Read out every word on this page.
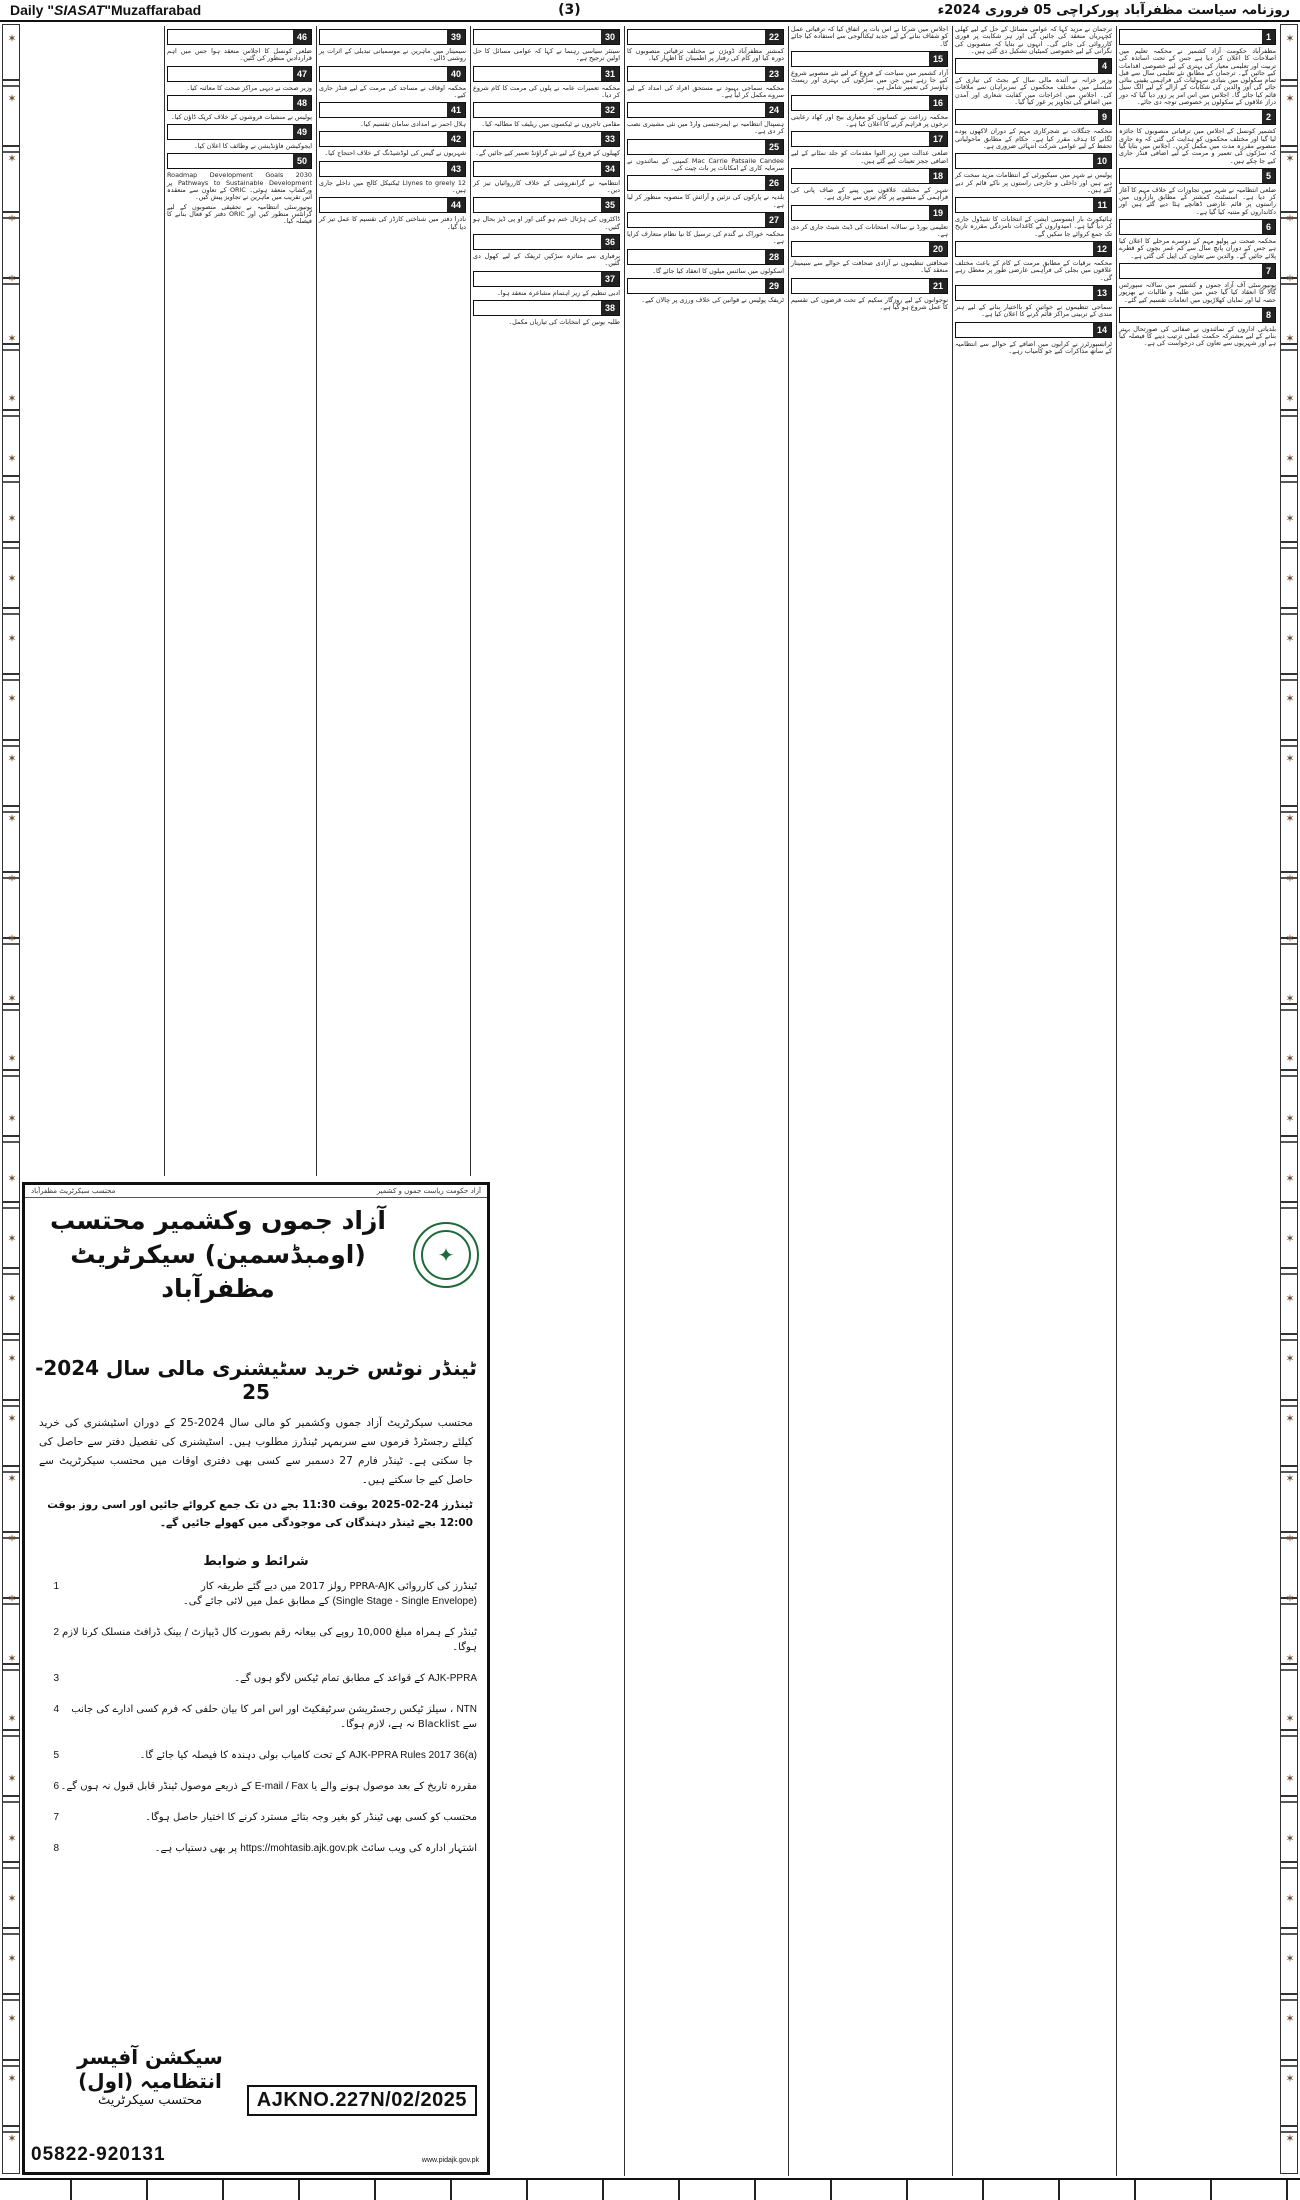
Daily "SIASAT"Muzaffarabad	(3)	روزنامہ سیاست مظفرآباد پورکراچی 05 فروری 2024ء
✶
✶
✶
✶
✶
✶
✶
✶
✶
✶
✶
✶
✶
✶
✶
✶
✶
✶
✶
✶
✶
✶
✶
✶
✶
✶
✶
✶
✶
✶
✶
✶
✶
✶
✶
✶
✶
✶
✶
✶
✶
✶
✶
✶
✶
✶
✶
✶
✶
✶
✶
✶
✶
✶
✶
✶
✶
✶
✶
✶
✶
✶
✶
✶
✶
✶
✶
✶
✶
✶
✶
✶
1

مظفرآباد حکومت آزاد کشمیر نے محکمہ تعلیم میں اصلاحات کا اعلان کر دیا ہے جس کے تحت اساتذہ کی تربیت اور تعلیمی معیار کی بہتری کے لیے خصوصی اقدامات کیے جائیں گے۔ ترجمان کے مطابق نئے تعلیمی سال سے قبل تمام سکولوں میں بنیادی سہولیات کی فراہمی یقینی بنائی جائے گی اور والدین کی شکایات کے ازالے کے لیے الگ سیل قائم کیا جائے گا۔ اجلاس میں اس امر پر زور دیا گیا کہ دور دراز علاقوں کے سکولوں پر خصوصی توجہ دی جائے۔

2

کشمیر کونسل کے اجلاس میں ترقیاتی منصوبوں کا جائزہ لیا گیا اور مختلف محکموں کو ہدایت کی گئی کہ وہ جاری منصوبے مقررہ مدت میں مکمل کریں۔ اجلاس میں بتایا گیا کہ سڑکوں کی تعمیر و مرمت کے لیے اضافی فنڈز جاری کیے جا چکے ہیں۔

5

ضلعی انتظامیہ نے شہر میں تجاوزات کے خلاف مہم کا آغاز کر دیا ہے۔ اسسٹنٹ کمشنر کے مطابق بازاروں میں راستوں پر قائم عارضی ڈھانچے ہٹا دیے گئے ہیں اور دکانداروں کو متنبہ کیا گیا ہے۔

6

محکمہ صحت نے پولیو مہم کے دوسرے مرحلے کا اعلان کیا ہے جس کے دوران پانچ سال سے کم عمر بچوں کو قطرے پلائے جائیں گے۔ والدین سے تعاون کی اپیل کی گئی ہے۔

7

یونیورسٹی آف آزاد جموں و کشمیر میں سالانہ سپورٹس گالا کا انعقاد کیا گیا جس میں طلبہ و طالبات نے بھرپور حصہ لیا اور نمایاں کھلاڑیوں میں انعامات تقسیم کیے گئے۔

8

بلدیاتی اداروں کے نمائندوں نے صفائی کی صورتحال بہتر بنانے کے لیے مشترکہ حکمت عملی ترتیب دینے کا فیصلہ کیا ہے اور شہریوں سے تعاون کی درخواست کی ہے۔

ترجمان نے مزید کہا کہ عوامی مسائل کے حل کے لیے کھلی کچہریاں منعقد کی جائیں گی اور ہر شکایت پر فوری کارروائی کی جائے گی۔ انہوں نے بتایا کہ منصوبوں کی نگرانی کے لیے خصوصی کمیٹیاں تشکیل دی گئی ہیں۔

4

وزیر خزانہ نے آئندہ مالی سال کے بجٹ کی تیاری کے سلسلے میں مختلف محکموں کے سربراہان سے ملاقات کی۔ اجلاس میں اخراجات میں کفایت شعاری اور آمدن میں اضافے کی تجاویز پر غور کیا گیا۔

9

محکمہ جنگلات نے شجرکاری مہم کے دوران لاکھوں پودے لگانے کا ہدف مقرر کیا ہے۔ حکام کے مطابق ماحولیاتی تحفظ کے لیے عوامی شرکت انتہائی ضروری ہے۔

10

پولیس نے شہر میں سیکیورٹی کے انتظامات مزید سخت کر دیے ہیں اور داخلی و خارجی راستوں پر ناکے قائم کر دیے گئے ہیں۔

11

ہائیکورٹ بار ایسوسی ایشن کے انتخابات کا شیڈول جاری کر دیا گیا ہے۔ امیدواروں کے کاغذات نامزدگی مقررہ تاریخ تک جمع کروائے جا سکیں گے۔

12

محکمہ برقیات کے مطابق مرمت کے کام کے باعث مختلف علاقوں میں بجلی کی فراہمی عارضی طور پر معطل رہے گی۔

13

سماجی تنظیموں نے خواتین کو بااختیار بنانے کے لیے ہنر مندی کے تربیتی مراکز قائم کرنے کا اعلان کیا ہے۔

14

ٹرانسپورٹرز نے کرایوں میں اضافے کے حوالے سے انتظامیہ کے ساتھ مذاکرات کیے جو کامیاب رہے۔

اجلاس میں شرکا نے اس بات پر اتفاق کیا کہ ترقیاتی عمل کو شفاف بنانے کے لیے جدید ٹیکنالوجی سے استفادہ کیا جائے گا۔

15

آزاد کشمیر میں سیاحت کے فروغ کے لیے نئے منصوبے شروع کیے جا رہے ہیں جن میں سڑکوں کی بہتری اور ریسٹ ہاؤسز کی تعمیر شامل ہے۔

16

محکمہ زراعت نے کسانوں کو معیاری بیج اور کھاد رعایتی نرخوں پر فراہم کرنے کا اعلان کیا ہے۔

17

ضلعی عدالت میں زیر التوا مقدمات کو جلد نمٹانے کے لیے اضافی ججز تعینات کیے گئے ہیں۔

18

شہر کے مختلف علاقوں میں پینے کے صاف پانی کی فراہمی کے منصوبے پر کام تیزی سے جاری ہے۔

19

تعلیمی بورڈ نے سالانہ امتحانات کی ڈیٹ شیٹ جاری کر دی ہے۔

20

صحافتی تنظیموں نے آزادی صحافت کے حوالے سے سیمینار منعقد کیا۔

21

نوجوانوں کے لیے روزگار سکیم کے تحت قرضوں کی تقسیم کا عمل شروع ہو گیا ہے۔

22

کمشنر مظفرآباد ڈویژن نے مختلف ترقیاتی منصوبوں کا دورہ کیا اور کام کی رفتار پر اطمینان کا اظہار کیا۔

23

محکمہ سماجی بہبود نے مستحق افراد کی امداد کے لیے سروے مکمل کر لیا ہے۔

24

ہسپتال انتظامیہ نے ایمرجنسی وارڈ میں نئی مشینری نصب کر دی ہے۔

25

Mac Carrie Patsaile Candee کمپنی کے نمائندوں نے سرمایہ کاری کے امکانات پر بات چیت کی۔

26

بلدیہ نے پارکوں کی تزئین و آرائش کا منصوبہ منظور کر لیا ہے۔

27

محکمہ خوراک نے گندم کی ترسیل کا نیا نظام متعارف کرایا ہے۔

28

اسکولوں میں سائنس میلوں کا انعقاد کیا جائے گا۔

29

ٹریفک پولیس نے قوانین کی خلاف ورزی پر چالان کیے۔

30

سینئر سیاسی رہنما نے کہا کہ عوامی مسائل کا حل اولین ترجیح ہے۔

31

محکمہ تعمیرات عامہ نے پلوں کی مرمت کا کام شروع کر دیا۔

32

مقامی تاجروں نے ٹیکسوں میں ریلیف کا مطالبہ کیا۔

33

کھیلوں کے فروغ کے لیے نئے گراؤنڈ تعمیر کیے جائیں گے۔

34

انتظامیہ نے گرانفروشی کے خلاف کارروائیاں تیز کر دیں۔

35

ڈاکٹروں کی ہڑتال ختم ہو گئی اور او پی ڈیز بحال ہو گئیں۔

36

برفباری سے متاثرہ سڑکیں ٹریفک کے لیے کھول دی گئیں۔

37

ادبی تنظیم کے زیر اہتمام مشاعرہ منعقد ہوا۔

38

طلبہ یونین کے انتخابات کی تیاریاں مکمل۔

39

سیمینار میں ماہرین نے موسمیاتی تبدیلی کے اثرات پر روشنی ڈالی۔

40

محکمہ اوقاف نے مساجد کی مرمت کے لیے فنڈز جاری کیے۔

41

ہلال احمر نے امدادی سامان تقسیم کیا۔

42

شہریوں نے گیس کی لوڈشیڈنگ کے خلاف احتجاج کیا۔

43

12 Llynes to greely ٹیکنیکل کالج میں داخلے جاری ہیں۔

44

نادرا دفتر میں شناختی کارڈز کی تقسیم کا عمل تیز کر دیا گیا۔

46

ضلعی کونسل کا اجلاس منعقد ہوا جس میں اہم قراردادیں منظور کی گئیں۔

47

وزیر صحت نے دیہی مراکز صحت کا معائنہ کیا۔

48

پولیس نے منشیات فروشوں کے خلاف کریک ڈاؤن کیا۔

49

ایجوکیشن فاؤنڈیشن نے وظائف کا اعلان کیا۔

50

Roadmap Development Goals 2030 Pathways to Sustainable Development پر ورکشاپ منعقد ہوئی۔ ORIC کے تعاون سے منعقدہ اس تقریب میں ماہرین نے تجاویز پیش کیں۔

یونیورسٹی انتظامیہ نے تحقیقی منصوبوں کے لیے گرانٹس منظور کیں اور ORIC دفتر کو فعال بنانے کا فیصلہ کیا۔

آزاد حکومت ریاست جموں و کشمیر
محتسب سیکرٹریٹ مظفرآباد
✦
آزاد جموں وکشمیر محتسب (اومبڈسمین) سیکرٹریٹ مظفرآباد
ٹینڈر نوٹس خرید سٹیشنری مالی سال 2024-25
محتسب سیکرٹریٹ آزاد جموں وکشمیر کو مالی سال 2024-25 کے دوران اسٹیشنری کی خرید کیلئے رجسٹرڈ فرموں سے سربمہر ٹینڈرز مطلوب ہیں۔ اسٹیشنری کی تفصیل دفتر سے حاصل کی جا سکتی ہے۔ ٹینڈر فارم 27 دسمبر سے کسی بھی دفتری اوقات میں محتسب سیکرٹریٹ سے حاصل کیے جا سکتے ہیں۔
ٹینڈرز 24-02-2025 بوقت 11:30 بجے دن تک جمع کروائے جائیں اور اسی روز بوقت 12:00 بجے ٹینڈر دہندگان کی موجودگی میں کھولے جائیں گے۔
شرائط و ضوابط
ٹینڈرز کی کارروائی PPRA-AJK رولز 2017 میں دیے گئے طریقہ کار (Single Stage - Single Envelope) کے مطابق عمل میں لائی جائے گی۔
1
ٹینڈر کے ہمراہ مبلغ 10,000 روپے کی بیعانہ رقم بصورت کال ڈیپازٹ / بینک ڈرافٹ منسلک کرنا لازم ہوگا۔
2
AJK-PPRA کے قواعد کے مطابق تمام ٹیکس لاگو ہوں گے۔
3
NTN ، سیلز ٹیکس رجسٹریشن سرٹیفکیٹ اور اس امر کا بیان حلفی کہ فرم کسی ادارے کی جانب سے Blacklist نہ ہے، لازم ہوگا۔
4
AJK-PPRA Rules 2017 36(a) کے تحت کامیاب بولی دہندہ کا فیصلہ کیا جائے گا۔
5
مقررہ تاریخ کے بعد موصول ہونے والے یا E-mail / Fax کے ذریعے موصول ٹینڈر قابل قبول نہ ہوں گے۔
6
محتسب کو کسی بھی ٹینڈر کو بغیر وجہ بتائے مسترد کرنے کا اختیار حاصل ہوگا۔
7
اشتہار ادارہ کی ویب سائٹ https://mohtasib.ajk.gov.pk پر بھی دستیاب ہے۔
8
AJKNO.227N/02/2025
سیکشن آفیسر انتظامیہ (اول)
محتسب سیکرٹریٹ
05822-920131	www.pidajk.gov.pk
